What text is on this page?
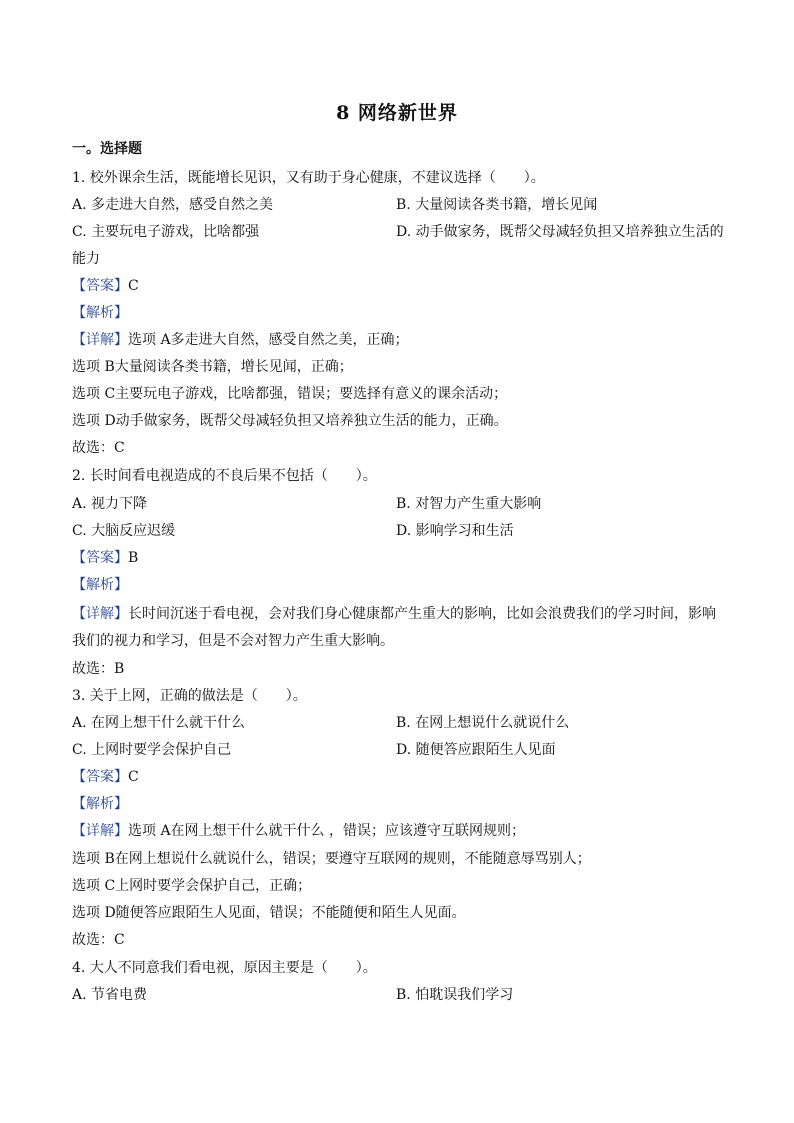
8 网络新世界
一。选择题
1. 校外课余生活，既能增长见识，又有助于身心健康，不建议选择（　　）。
A. 多走进大自然，感受自然之美	B. 大量阅读各类书籍，增长见闻
C. 主要玩电子游戏，比啥都强	D. 动手做家务，既帮父母减轻负担又培养独立生活的
能力
【答案】C
【解析】
【详解】选项 A多走进大自然，感受自然之美，正确；
选项 B大量阅读各类书籍，增长见闻，正确；
选项 C主要玩电子游戏，比啥都强，错误；要选择有意义的课余活动；
选项 D动手做家务，既帮父母减轻负担又培养独立生活的能力，正确。
故选：C
2. 长时间看电视造成的不良后果不包括（　　）。
A. 视力下降	B. 对智力产生重大影响
C. 大脑反应迟缓	D. 影响学习和生活
【答案】B
【解析】
【详解】长时间沉迷于看电视，会对我们身心健康都产生重大的影响，比如会浪费我们的学习时间，影响我们的视力和学习，但是不会对智力产生重大影响。
故选：B
3. 关于上网，正确的做法是（　　）。
A. 在网上想干什么就干什么	B. 在网上想说什么就说什么
C. 上网时要学会保护自己	D. 随便答应跟陌生人见面
【答案】C
【解析】
【详解】选项 A在网上想干什么就干什么 ，错误；应该遵守互联网规则；
选项 B在网上想说什么就说什么，错误；要遵守互联网的规则，不能随意辱骂别人；
选项 C上网时要学会保护自己，正确；
选项 D随便答应跟陌生人见面，错误；不能随便和陌生人见面。
故选：C
4. 大人不同意我们看电视，原因主要是（　　）。
A. 节省电费	B. 怕耽误我们学习
